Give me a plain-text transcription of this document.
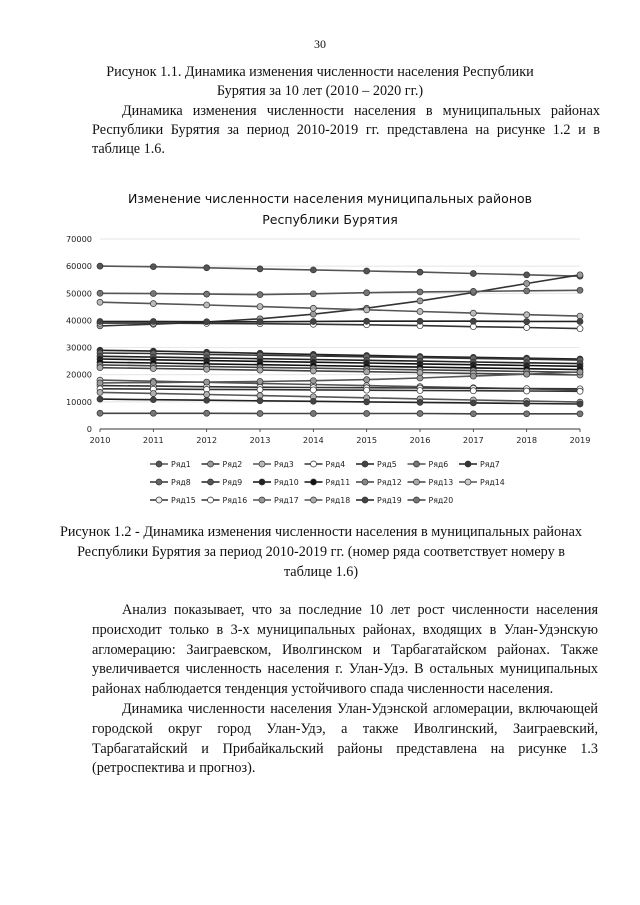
30
Рисунок 1.1. Динамика изменения численности населения Республики Бурятия за 10 лет (2010 – 2020 гг.)
Динамика изменения численности населения в муниципальных районах Республики Бурятия за период 2010-2019 гг. представлена на рисунке 1.2 и в таблице 1.6.
Изменение численности населения муниципальных районов
Республики Бурятия
0
10000
20000
30000
40000
50000
60000
70000
2010	2011	2012	2013	2014	2015	2016	2017	2018	2019
Ряд1	Ряд2	Ряд3	Ряд4	Ряд5	Ряд6	Ряд7
Ряд8	Ряд9	Ряд10	Ряд11	Ряд12	Ряд13	Ряд14
Ряд15	Ряд16	Ряд17	Ряд18	Ряд19	Ряд20
Рисунок 1.2 - Динамика изменения численности населения в муниципальных районах Республики Бурятия за период 2010-2019 гг. (номер ряда соответствует номеру в таблице 1.6)

Анализ показывает, что за последние 10 лет рост численности населения происходит только в 3-х муниципальных районах, входящих в Улан-Удэнскую агломерацию: Заиграевском, Иволгинском и Тарбагатайском районах. Также увеличивается численность населения г. Улан-Удэ. В остальных муниципальных районах наблюдается тенденция устойчивого спада численности населения.

Динамика численности населения Улан-Удэнской агломерации, включающей городской округ город Улан-Удэ, а также Иволгинский, Заиграевский, Тарбагатайский и Прибайкальский районы представлена на рисунке 1.3 (ретроспектива и прогноз).
